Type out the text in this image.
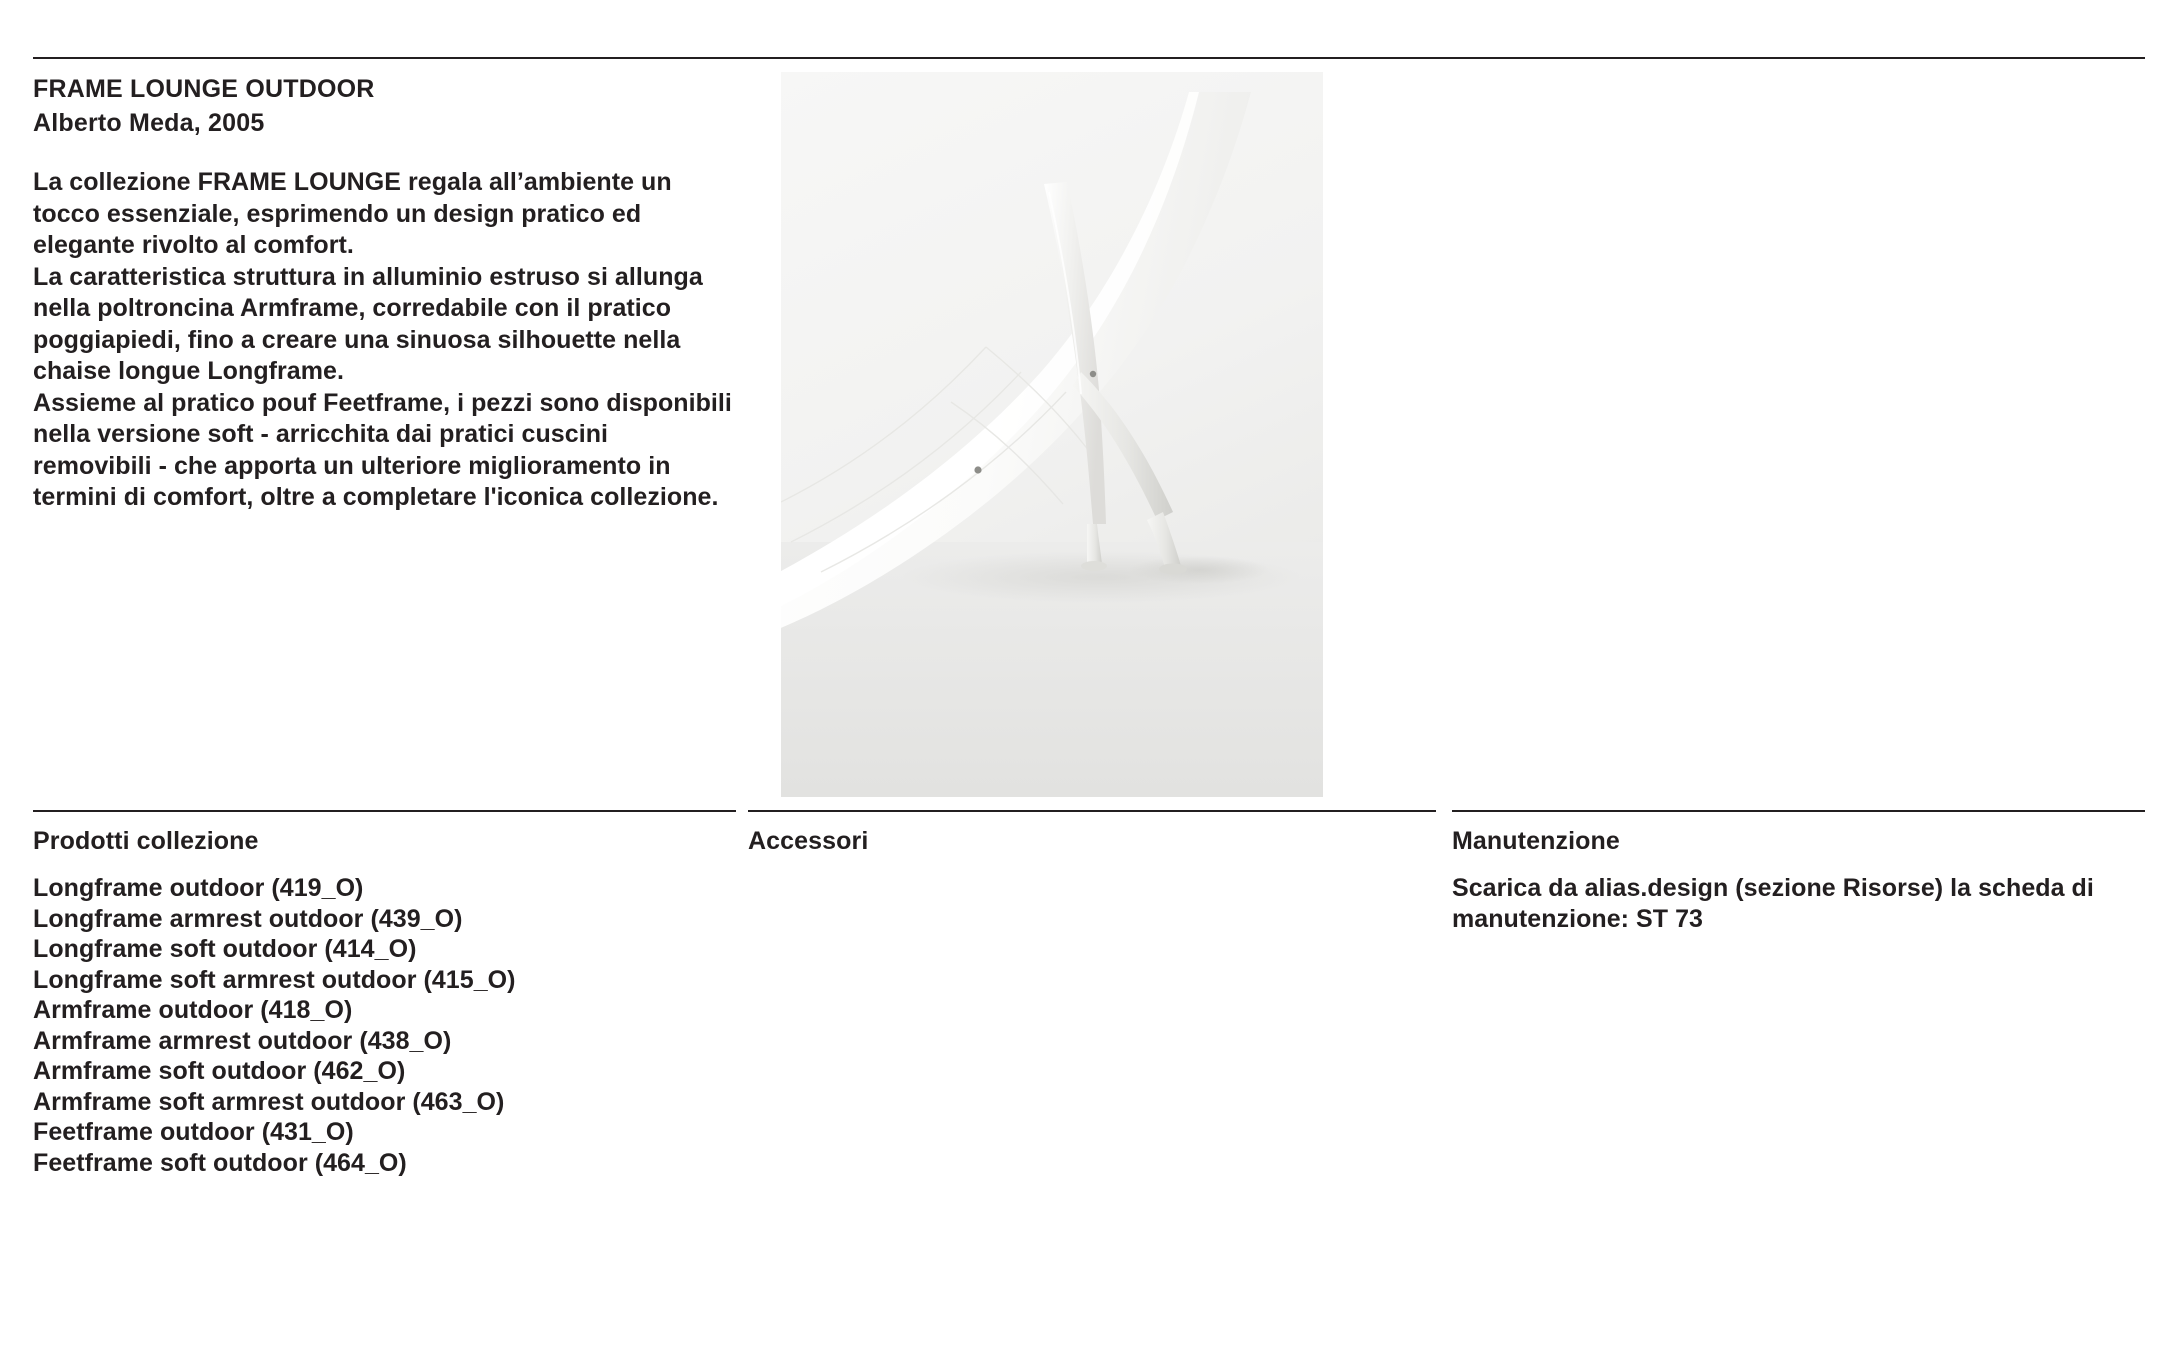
FRAME LOUNGE OUTDOOR
Alberto Meda, 2005

La collezione FRAME LOUNGE regala all’ambiente un tocco essenziale, esprimendo un design pratico ed elegante rivolto al comfort.

La caratteristica struttura in alluminio estruso si allunga nella poltroncina Armframe, corredabile con il pratico poggiapiedi, fino a creare una sinuosa silhouette nella chaise longue Longframe.

Assieme al pratico pouf Feetframe, i pezzi sono disponibili nella versione soft - arricchita dai pratici cuscini removibili - che apporta un ulteriore miglioramento in termini di comfort, oltre a completare l'iconica collezione.

Prodotti collezione
Longframe outdoor (419_O)
Longframe armrest outdoor (439_O)
Longframe soft outdoor (414_O)
Longframe soft armrest outdoor (415_O)
Armframe outdoor (418_O)
Armframe armrest outdoor (438_O)
Armframe soft outdoor (462_O)
Armframe soft armrest outdoor (463_O)
Feetframe outdoor (431_O)
Feetframe soft outdoor (464_O)
Accessori	Manutenzione

Scarica da alias.design (sezione Risorse) la scheda di manutenzione: ST 73
